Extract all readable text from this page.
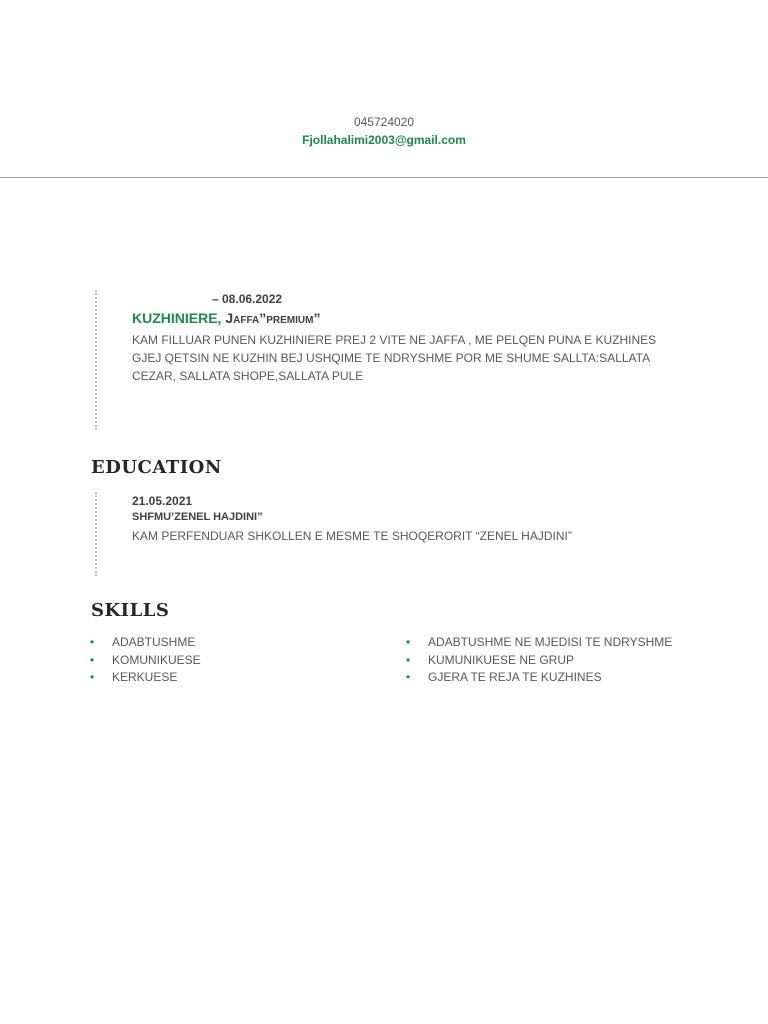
045724020
Fjollahalimi2003@gmail.com
– 08.06.2022
KUZHINIERE, Jaffa”premium”
KAM FILLUAR PUNEN KUZHINIERE PREJ 2 VITE NE JAFFA , ME PELQEN PUNA E KUZHINES GJEJ QETSIN NE KUZHIN BEJ USHQIME TE NDRYSHME POR ME SHUME SALLTA:SALLATA CEZAR, SALLATA SHOPE,SALLATA PULE
EDUCATION
21.05.2021
SHFMU’ZENEL HAJDINI”
KAM PERFENDUAR SHKOLLEN E MESME TE SHOQERORIT “ZENEL HAJDINI”
SKILLS
• ADABTUSHME
• KOMUNIKUESE
• KERKUESE
• ADABTUSHME NE MJEDISI TE NDRYSHME
• KUMUNIKUESE NE GRUP
• GJERA TE REJA TE KUZHINES
